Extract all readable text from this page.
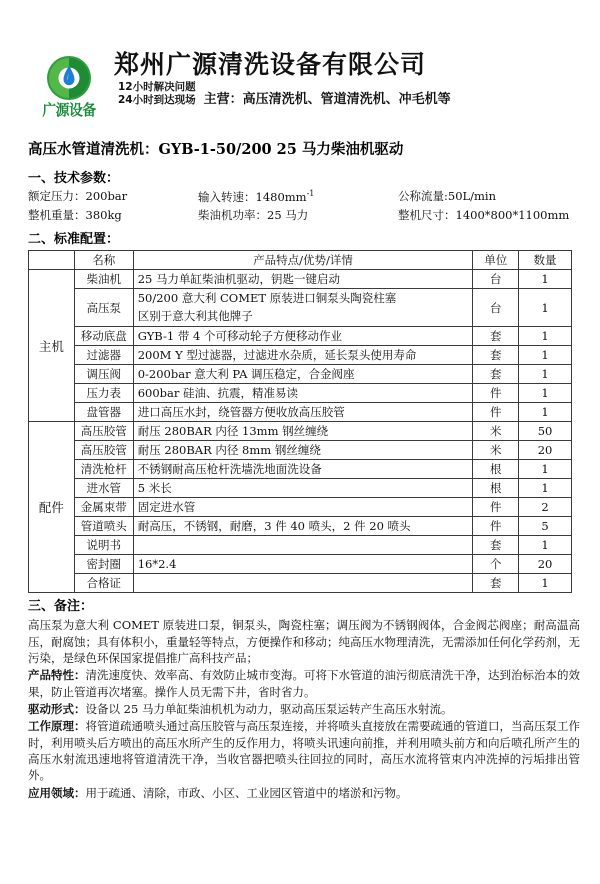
广源设备
郑州广源清洗设备有限公司
12小时解决问题
24小时到达现场 主营：高压清洗机、管道清洗机、冲毛机等
高压水管道清洗机：GYB-1-50/200 25 马力柴油机驱动
一、技术参数：
额定压力：200bar	输入转速：$1480mm^{-1}$	公称流量:50L/min
整机重量：380kg	柴油机功率：25 马力	整机尺寸：1400*800*1100mm
二、标准配置：
	名称	产品特点/优势/详情	单位	数量
主机	柴油机	25 马力单缸柴油机驱动，钥匙一键启动	台	1
	高压泵	50/200 意大利 COMET 原装进口铜泵头陶瓷柱塞
区别于意大利其他牌子	台	1
	移动底盘	GYB-1 带 4 个可移动轮子方便移动作业	套	1
	过滤器	200M Y 型过滤器，过滤进水杂质，延长泵头使用寿命	套	1
	调压阀	0-200bar 意大利 PA 调压稳定，合金阀座	套	1
	压力表	600bar 硅油、抗震，精准易读	件	1
	盘管器	进口高压水封，绕管器方便收放高压胶管	件	1
配件	高压胶管	耐压 280BAR 内径 13mm 钢丝缠绕	米	50
	高压胶管	耐压 280BAR 内径 8mm 钢丝缠绕	米	20
	清洗枪杆	不锈钢耐高压枪杆洗墙洗地面洗设备	根	1
	进水管	5 米长	根	1
	金属束带	固定进水管	件	2
	管道喷头	耐高压，不锈钢，耐磨，3 件 40 喷头，2 件 20 喷头	件	5
	说明书		套	1
	密封圈	16*2.4	个	20
	合格证		套	1
三、备注：

高压泵为意大利 COMET 原装进口泵，铜泵头，陶瓷柱塞；调压阀为不锈钢阀体，合金阀芯阀座；耐高温高压，耐腐蚀；具有体积小，重量轻等特点，方便操作和移动；纯高压水物理清洗，无需添加任何化学药剂，无污染，是绿色环保国家提倡推广高科技产品；

产品特性：清洗速度快、效率高、有效防止城市变海。可将下水管道的油污彻底清洗干净，达到治标治本的效果，防止管道再次堵塞。操作人员无需下井，省时省力。

驱动形式：设备以 25 马力单缸柴油机机为动力，驱动高压泵运转产生高压水射流。

工作原理：将管道疏通喷头通过高压胶管与高压泵连接，并将喷头直接放在需要疏通的管道口，当高压泵工作时，利用喷头后方喷出的高压水所产生的反作用力，将喷头讯速向前推，并利用喷头前方和向后喷孔所产生的高压水射流迅速地将管道清洗干净，当收官器把喷头往回拉的同时，高压水流将管束内冲洗掉的污垢排出管外。

应用领域：用于疏通、清除，市政、小区、工业园区管道中的堵淤和污物。
